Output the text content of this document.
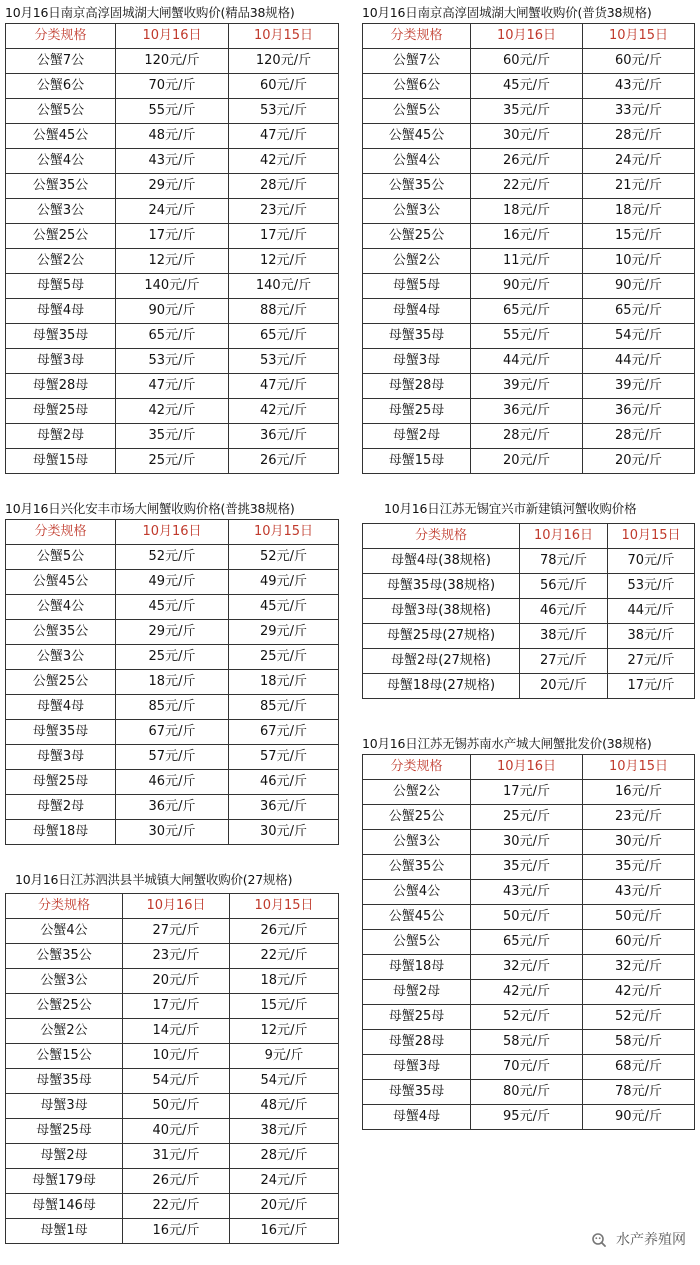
10月16日南京高淳固城湖大闸蟹收购价(精品38规格)
分类规格	10月16日	10月15日
公蟹7公	120元/斤	120元/斤
公蟹6公	70元/斤	60元/斤
公蟹5公	55元/斤	53元/斤
公蟹45公	48元/斤	47元/斤
公蟹4公	43元/斤	42元/斤
公蟹35公	29元/斤	28元/斤
公蟹3公	24元/斤	23元/斤
公蟹25公	17元/斤	17元/斤
公蟹2公	12元/斤	12元/斤
母蟹5母	140元/斤	140元/斤
母蟹4母	90元/斤	88元/斤
母蟹35母	65元/斤	65元/斤
母蟹3母	53元/斤	53元/斤
母蟹28母	47元/斤	47元/斤
母蟹25母	42元/斤	42元/斤
母蟹2母	35元/斤	36元/斤
母蟹15母	25元/斤	26元/斤
10月16日南京高淳固城湖大闸蟹收购价(普货38规格)
分类规格	10月16日	10月15日
公蟹7公	60元/斤	60元/斤
公蟹6公	45元/斤	43元/斤
公蟹5公	35元/斤	33元/斤
公蟹45公	30元/斤	28元/斤
公蟹4公	26元/斤	24元/斤
公蟹35公	22元/斤	21元/斤
公蟹3公	18元/斤	18元/斤
公蟹25公	16元/斤	15元/斤
公蟹2公	11元/斤	10元/斤
母蟹5母	90元/斤	90元/斤
母蟹4母	65元/斤	65元/斤
母蟹35母	55元/斤	54元/斤
母蟹3母	44元/斤	44元/斤
母蟹28母	39元/斤	39元/斤
母蟹25母	36元/斤	36元/斤
母蟹2母	28元/斤	28元/斤
母蟹15母	20元/斤	20元/斤
10月16日兴化安丰市场大闸蟹收购价格(普挑38规格)
分类规格	10月16日	10月15日
公蟹5公	52元/斤	52元/斤
公蟹45公	49元/斤	49元/斤
公蟹4公	45元/斤	45元/斤
公蟹35公	29元/斤	29元/斤
公蟹3公	25元/斤	25元/斤
公蟹25公	18元/斤	18元/斤
母蟹4母	85元/斤	85元/斤
母蟹35母	67元/斤	67元/斤
母蟹3母	57元/斤	57元/斤
母蟹25母	46元/斤	46元/斤
母蟹2母	36元/斤	36元/斤
母蟹18母	30元/斤	30元/斤
10月16日江苏无锡宜兴市新建镇河蟹收购价格
分类规格	10月16日	10月15日
母蟹4母(38规格)	78元/斤	70元/斤
母蟹35母(38规格)	56元/斤	53元/斤
母蟹3母(38规格)	46元/斤	44元/斤
母蟹25母(27规格)	38元/斤	38元/斤
母蟹2母(27规格)	27元/斤	27元/斤
母蟹18母(27规格)	20元/斤	17元/斤
10月16日江苏无锡苏南水产城大闸蟹批发价(38规格)
分类规格	10月16日	10月15日
公蟹2公	17元/斤	16元/斤
公蟹25公	25元/斤	23元/斤
公蟹3公	30元/斤	30元/斤
公蟹35公	35元/斤	35元/斤
公蟹4公	43元/斤	43元/斤
公蟹45公	50元/斤	50元/斤
公蟹5公	65元/斤	60元/斤
母蟹18母	32元/斤	32元/斤
母蟹2母	42元/斤	42元/斤
母蟹25母	52元/斤	52元/斤
母蟹28母	58元/斤	58元/斤
母蟹3母	70元/斤	68元/斤
母蟹35母	80元/斤	78元/斤
母蟹4母	95元/斤	90元/斤
10月16日江苏泗洪县半城镇大闸蟹收购价(27规格)
分类规格	10月16日	10月15日
公蟹4公	27元/斤	26元/斤
公蟹35公	23元/斤	22元/斤
公蟹3公	20元/斤	18元/斤
公蟹25公	17元/斤	15元/斤
公蟹2公	14元/斤	12元/斤
公蟹15公	10元/斤	9元/斤
母蟹35母	54元/斤	54元/斤
母蟹3母	50元/斤	48元/斤
母蟹25母	40元/斤	38元/斤
母蟹2母	31元/斤	28元/斤
母蟹179母	26元/斤	24元/斤
母蟹146母	22元/斤	20元/斤
母蟹1母	16元/斤	16元/斤
水产养殖网
